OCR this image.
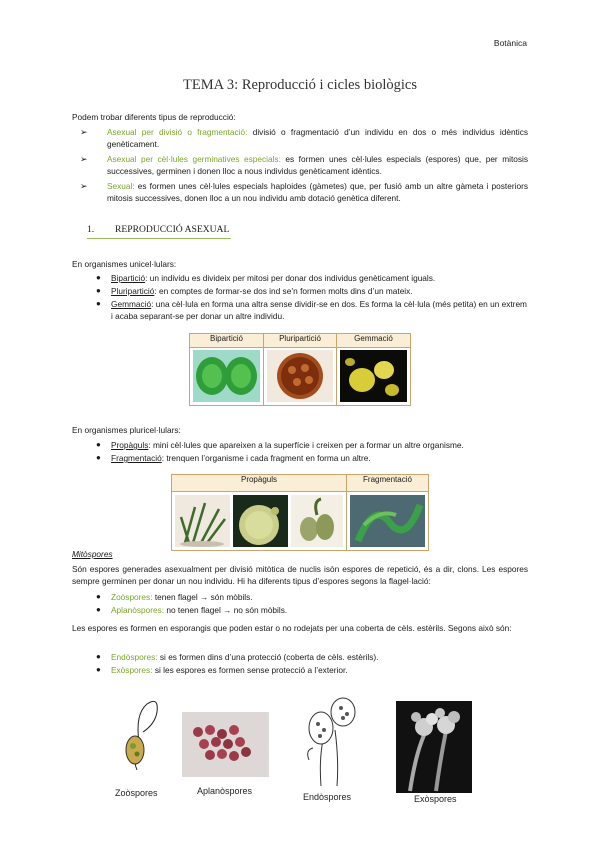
Botànica
TEMA 3: Reproducció i cicles biològics
Podem trobar diferents tipus de reproducció:
➢ Asexual per divisió o fragmentació: divisió o fragmentació d’un individu en dos o més individus idèntics genèticament.
➢ Asexual per cèl·lules germinatives especials: es formen unes cèl·lules especials (espores) que, per mitosis successives, germinen i donen lloc a nous individus genèticament idèntics.
➢ Sexual: es formen unes cèl·lules especials haploides (gàmetes) que, per fusió amb un altre gàmeta i posteriors mitosis successives, donen lloc a un nou individu amb dotació genètica diferent.
1. REPRODUCCIÓ ASEXUAL
En organismes unicel·lulars:
● Bipartició: un individu es divideix per mitosi per donar dos individus genèticament iguals.
● Pluripartició: en comptes de formar-se dos ind se’n formen molts dins d’un mateix.
● Gemmació: una cèl·lula en forma una altra sense dividir-se en dos. Es forma la cèl·lula (més petita) en un extrem i acaba separant-se per donar un altre individu.
Bipartició	Pluripartició	Gemmació
En organismes pluricel·lulars:
● Propàguls: mini cèl·lules que apareixen a la superfície i creixen per a formar un altre organisme.
● Fragmentació: trenquen l’organisme i cada fragment en forma un altre.
Propàguls	Fragmentació
Mitòspores
Són espores generades asexualment per divisió mitòtica de nuclis isòn espores de repetició, és a dir, clons. Les espores sempre germinen per donar un nou individu. Hi ha diferents tipus d’espores segons la flagel·lació:
● Zoòspores: tenen flagel → són mòbils.
● Aplanòspores: no tenen flagel → no són mòbils.
Les espores es formen en esporangis que poden estar o no rodejats per una coberta de cèls. estèrils. Segons això són:
● Endòspores: si es formen dins d’una protecció (coberta de cèls. estèrils).
● Exòspores: si les espores es formen sense protecció a l’exterior.
Zoòspores	Aplanòspores
Endòspores	Exòspores
